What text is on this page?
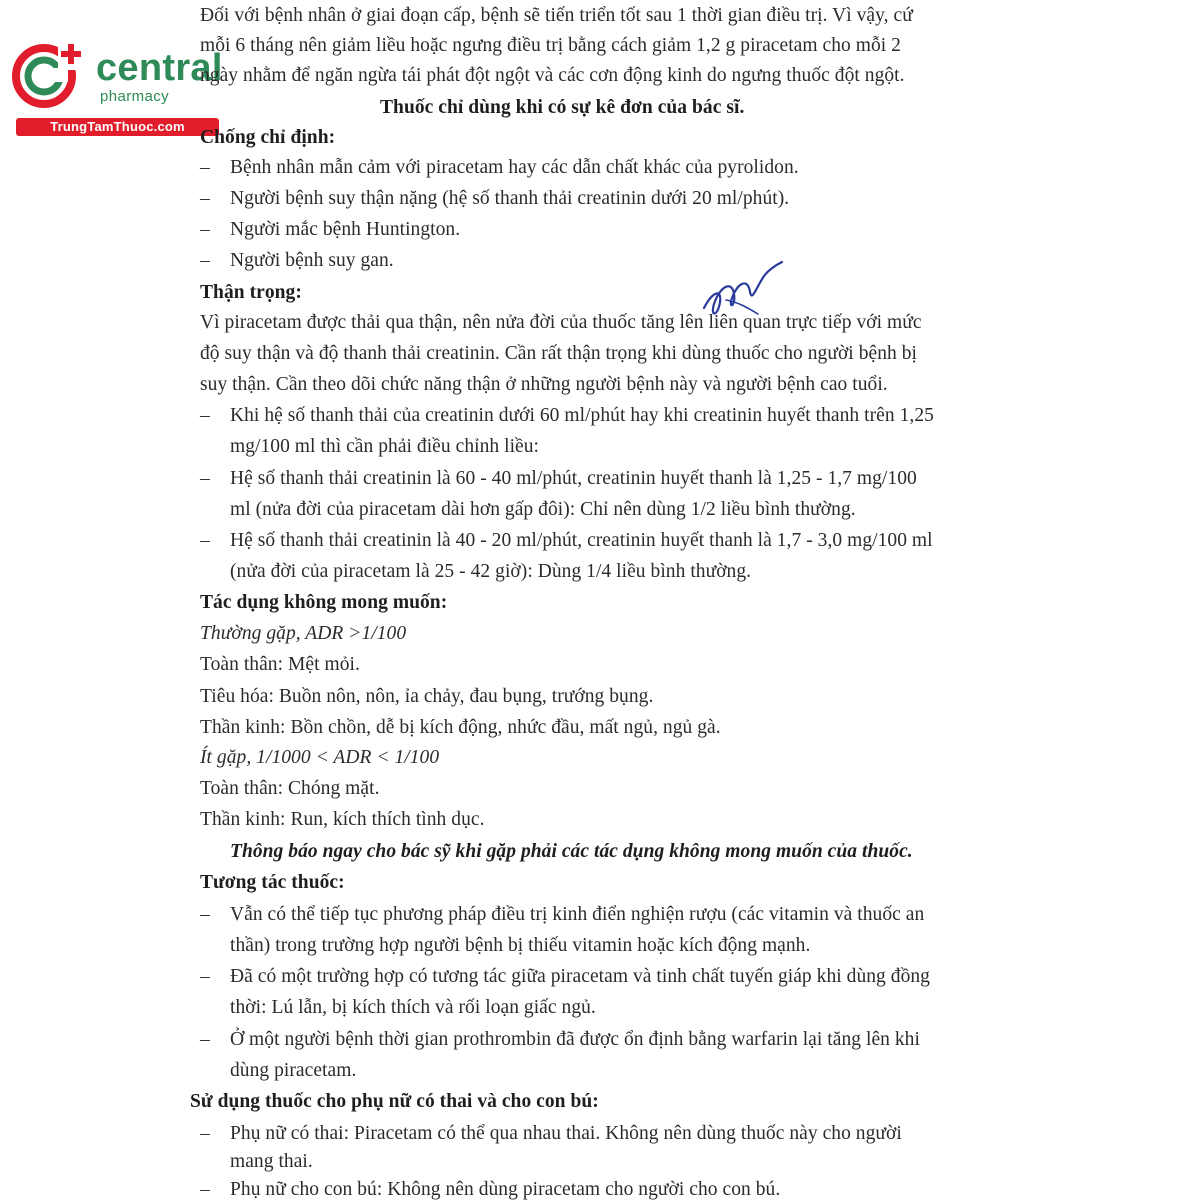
central
pharmacy
TrungTamThuoc.com
Đối với bệnh nhân ở giai đoạn cấp, bệnh sẽ tiến triển tốt sau 1 thời gian điều trị. Vì vậy, cứ
mỗi 6 tháng nên giảm liều hoặc ngưng điều trị bằng cách giảm 1,2 g piracetam cho mỗi 2
ngày nhằm để ngăn ngừa tái phát đột ngột và các cơn động kinh do ngưng thuốc đột ngột.
Thuốc chỉ dùng khi có sự kê đơn của bác sĩ.
Chống chỉ định:
– Bệnh nhân mẫn cảm với piracetam hay các dẫn chất khác của pyrolidon.
– Người bệnh suy thận nặng (hệ số thanh thải creatinin dưới 20 ml/phút).
– Người mắc bệnh Huntington.
– Người bệnh suy gan.
Thận trọng:
Vì piracetam được thải qua thận, nên nửa đời của thuốc tăng lên liên quan trực tiếp với mức
độ suy thận và độ thanh thải creatinin. Cần rất thận trọng khi dùng thuốc cho người bệnh bị
suy thận. Cần theo dõi chức năng thận ở những người bệnh này và người bệnh cao tuổi.
– Khi hệ số thanh thải của creatinin dưới 60 ml/phút hay khi creatinin huyết thanh trên 1,25
mg/100 ml thì cần phải điều chỉnh liều:
– Hệ số thanh thải creatinin là 60 - 40 ml/phút, creatinin huyết thanh là 1,25 - 1,7 mg/100
ml (nửa đời của piracetam dài hơn gấp đôi): Chỉ nên dùng 1/2 liều bình thường.
– Hệ số thanh thải creatinin là 40 - 20 ml/phút, creatinin huyết thanh là 1,7 - 3,0 mg/100 ml
(nửa đời của piracetam là 25 - 42 giờ): Dùng 1/4 liều bình thường.
Tác dụng không mong muốn:
Thường gặp, ADR >1/100
Toàn thân: Mệt mỏi.
Tiêu hóa: Buồn nôn, nôn, ỉa chảy, đau bụng, trướng bụng.
Thần kinh: Bồn chồn, dễ bị kích động, nhức đầu, mất ngủ, ngủ gà.
Ít gặp, 1/1000 < ADR < 1/100
Toàn thân: Chóng mặt.
Thần kinh: Run, kích thích tình dục.
Thông báo ngay cho bác sỹ khi gặp phải các tác dụng không mong muốn của thuốc.
Tương tác thuốc:
– Vẫn có thể tiếp tục phương pháp điều trị kinh điển nghiện rượu (các vitamin và thuốc an
thần) trong trường hợp người bệnh bị thiếu vitamin hoặc kích động mạnh.
– Đã có một trường hợp có tương tác giữa piracetam và tinh chất tuyến giáp khi dùng đồng
thời: Lú lẫn, bị kích thích và rối loạn giấc ngủ.
– Ở một người bệnh thời gian prothrombin đã được ổn định bằng warfarin lại tăng lên khi
dùng piracetam.
Sử dụng thuốc cho phụ nữ có thai và cho con bú:
– Phụ nữ có thai: Piracetam có thể qua nhau thai. Không nên dùng thuốc này cho người
mang thai.
– Phụ nữ cho con bú: Không nên dùng piracetam cho người cho con bú.
